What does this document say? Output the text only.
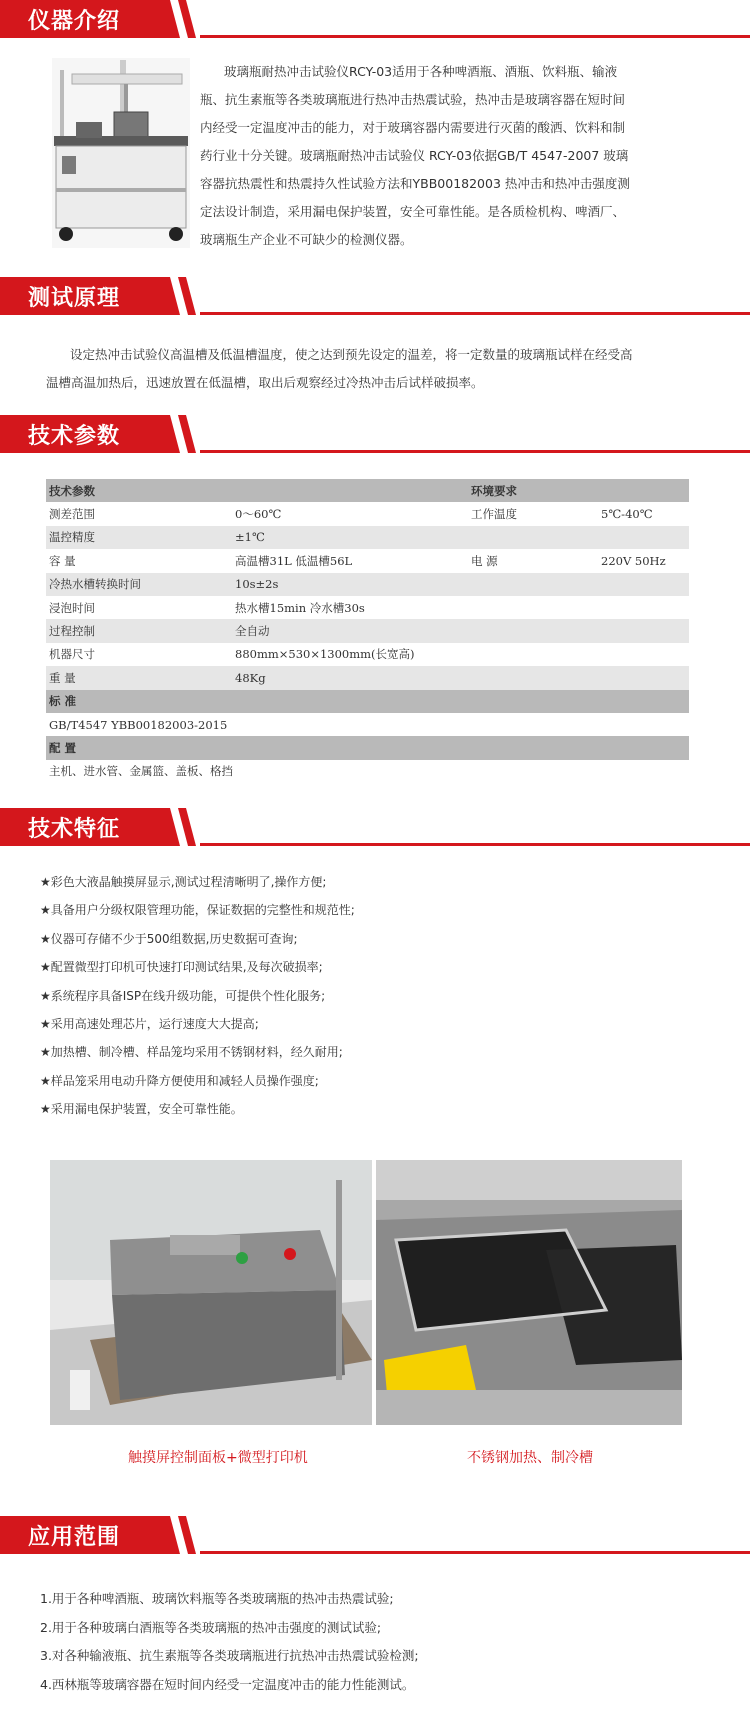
仪器介绍
玻璃瓶耐热冲击试验仪RCY-03适用于各种啤酒瓶、酒瓶、饮料瓶、输液
瓶、抗生素瓶等各类玻璃瓶进行热冲击热震试验，热冲击是玻璃容器在短时间
内经受一定温度冲击的能力，对于玻璃容器内需要进行灭菌的酸洒、饮料和制
药行业十分关键。玻璃瓶耐热冲击试验仪 RCY-03依据GB/T 4547-2007 玻璃
容器抗热震性和热震持久性试验方法和YBB00182003 热冲击和热冲击强度测
定法设计制造，采用漏电保护装置，安全可靠性能。是各质检机构、啤酒厂、
玻璃瓶生产企业不可缺少的检测仪器。
测试原理
设定热冲击试验仪高温槽及低温槽温度，使之达到预先设定的温差，将一定数量的玻璃瓶试样在经受高
温槽高温加热后，迅速放置在低温槽，取出后观察经过冷热冲击后试样破损率。
技术参数
技术参数		环境要求	
测差范围	0～60℃	工作温度	5℃-40℃
温控精度	±1℃		
容 量	高温槽31L 低温槽56L	电 源	220V 50Hz
冷热水槽转换时间	10s±2s		
浸泡时间	热水槽15min 冷水槽30s		
过程控制	全自动		
机器尺寸	880mm×530×1300mm(长宽高)		
重 量	48Kg		
标 准			
GB/T4547 YBB00182003-2015			
配 置			
主机、进水管、金属篮、盖板、格挡			
技术特征
★彩色大液晶触摸屏显示,测试过程清晰明了,操作方便;
★具备用户分级权限管理功能，保证数据的完整性和规范性;
★仪器可存储不少于500组数据,历史数据可查询;
★配置微型打印机可快速打印测试结果,及每次破损率;
★系统程序具备ISP在线升级功能，可提供个性化服务;
★采用高速处理芯片，运行速度大大提高;
★加热槽、制冷槽、样品笼均采用不锈钢材料，经久耐用;
★样品笼采用电动升降方便使用和减轻人员操作强度;
★采用漏电保护装置，安全可靠性能。
触摸屏控制面板+微型打印机	不锈钢加热、制冷槽
应用范围
1.用于各种啤酒瓶、玻璃饮料瓶等各类玻璃瓶的热冲击热震试验;
2.用于各种玻璃白酒瓶等各类玻璃瓶的热冲击强度的测试试验;
3.对各种输液瓶、抗生素瓶等各类玻璃瓶进行抗热冲击热震试验检测;
4.西林瓶等玻璃容器在短时间内经受一定温度冲击的能力性能测试。
